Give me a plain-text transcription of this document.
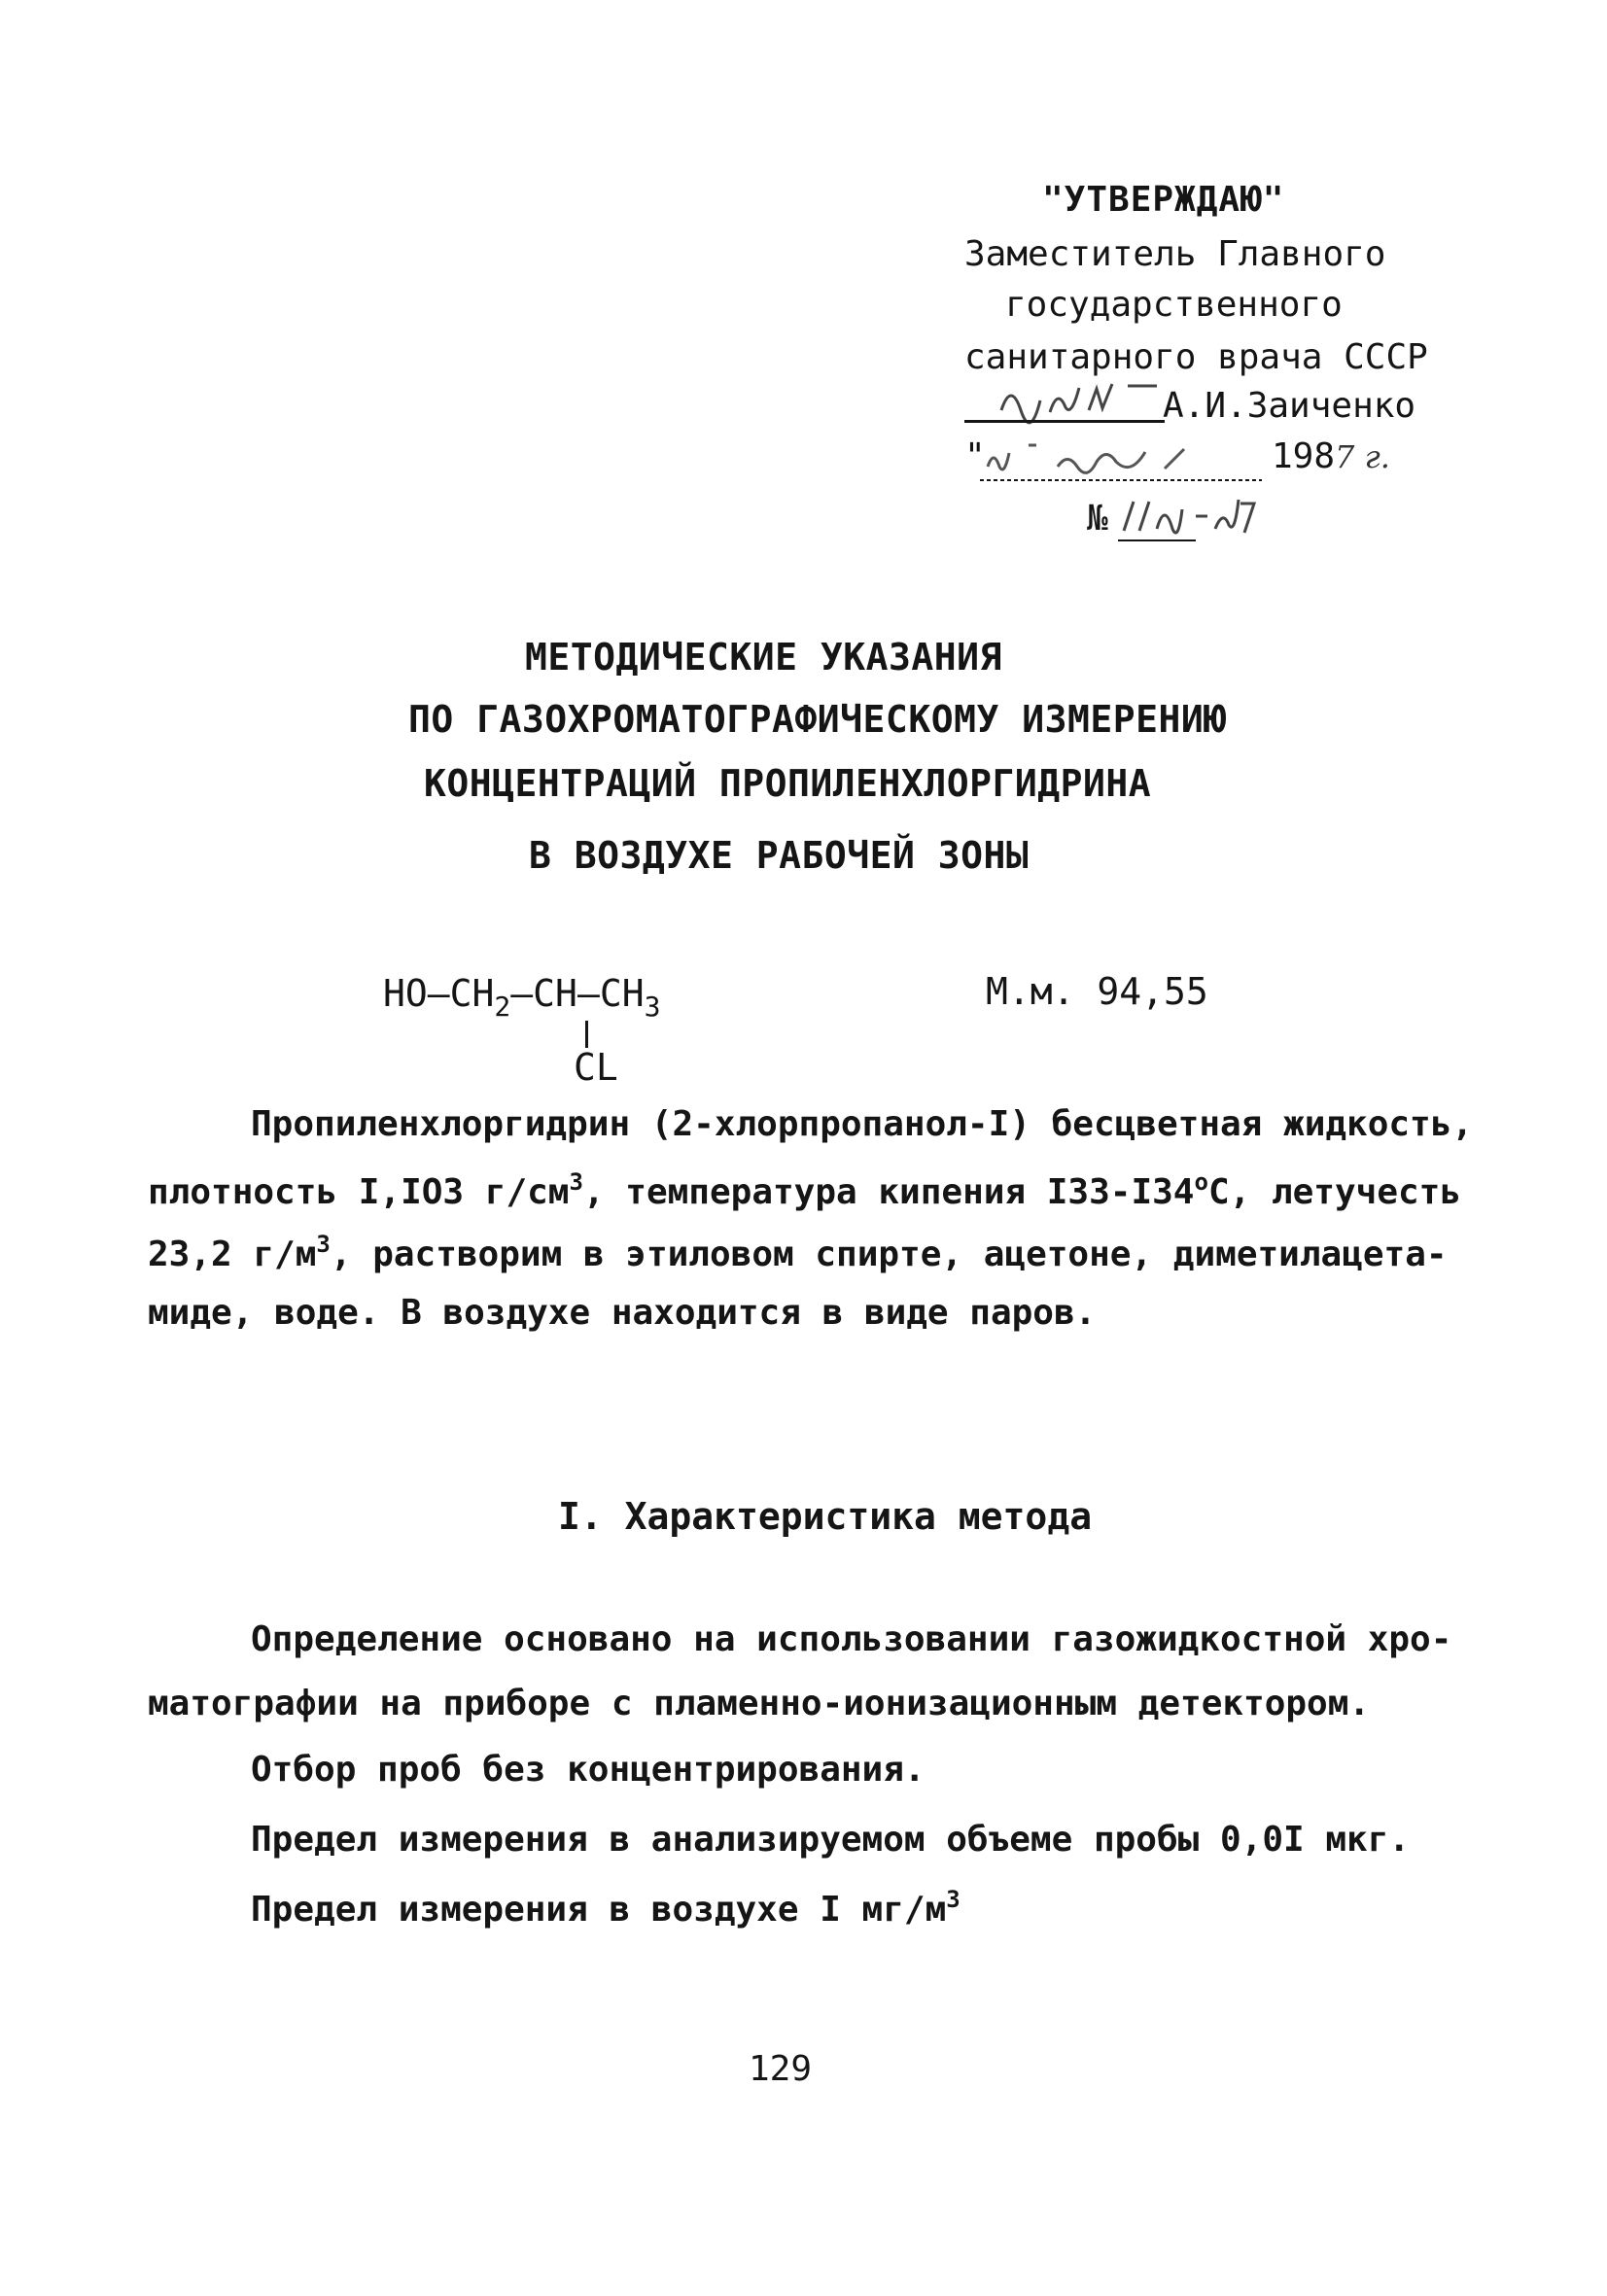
"УТВЕРЖДАЮ"
Заместитель Главного
государственного
санитарного врача СССР
А.И.Заиченко
"	1987 г.
№
МЕТОДИЧЕСКИЕ УКАЗАНИЯ
ПО ГАЗОХРОМАТОГРАФИЧЕСКОМУ ИЗМЕРЕНИЮ
КОНЦЕНТРАЦИЙ ПРОПИЛЕНХЛОРГИДРИНА
В ВОЗДУХЕ РАБОЧЕЙ ЗОНЫ
$HO—CH_2—CH—CH_3$
CL
М.м. 94,55
Пропиленхлоргидрин (2-хлорпропанол-I) бесцветная жидкость,
плотность I,IO3 $г/см^3$, температура кипения I33-I34$^o$C, летучесть
23,2 $г/м^3$, растворим в этиловом спирте, ацетоне, диметилацета-
миде, воде. В воздухе находится в виде паров.
I. Характеристика метода
Определение основано на использовании газожидкостной хро-
матографии на приборе с пламенно-ионизационным детектором.
Отбор проб без концентрирования.
Предел измерения в анализируемом объеме пробы 0,0I мкг.
Предел измерения в воздухе I $мг/м^3$
129
